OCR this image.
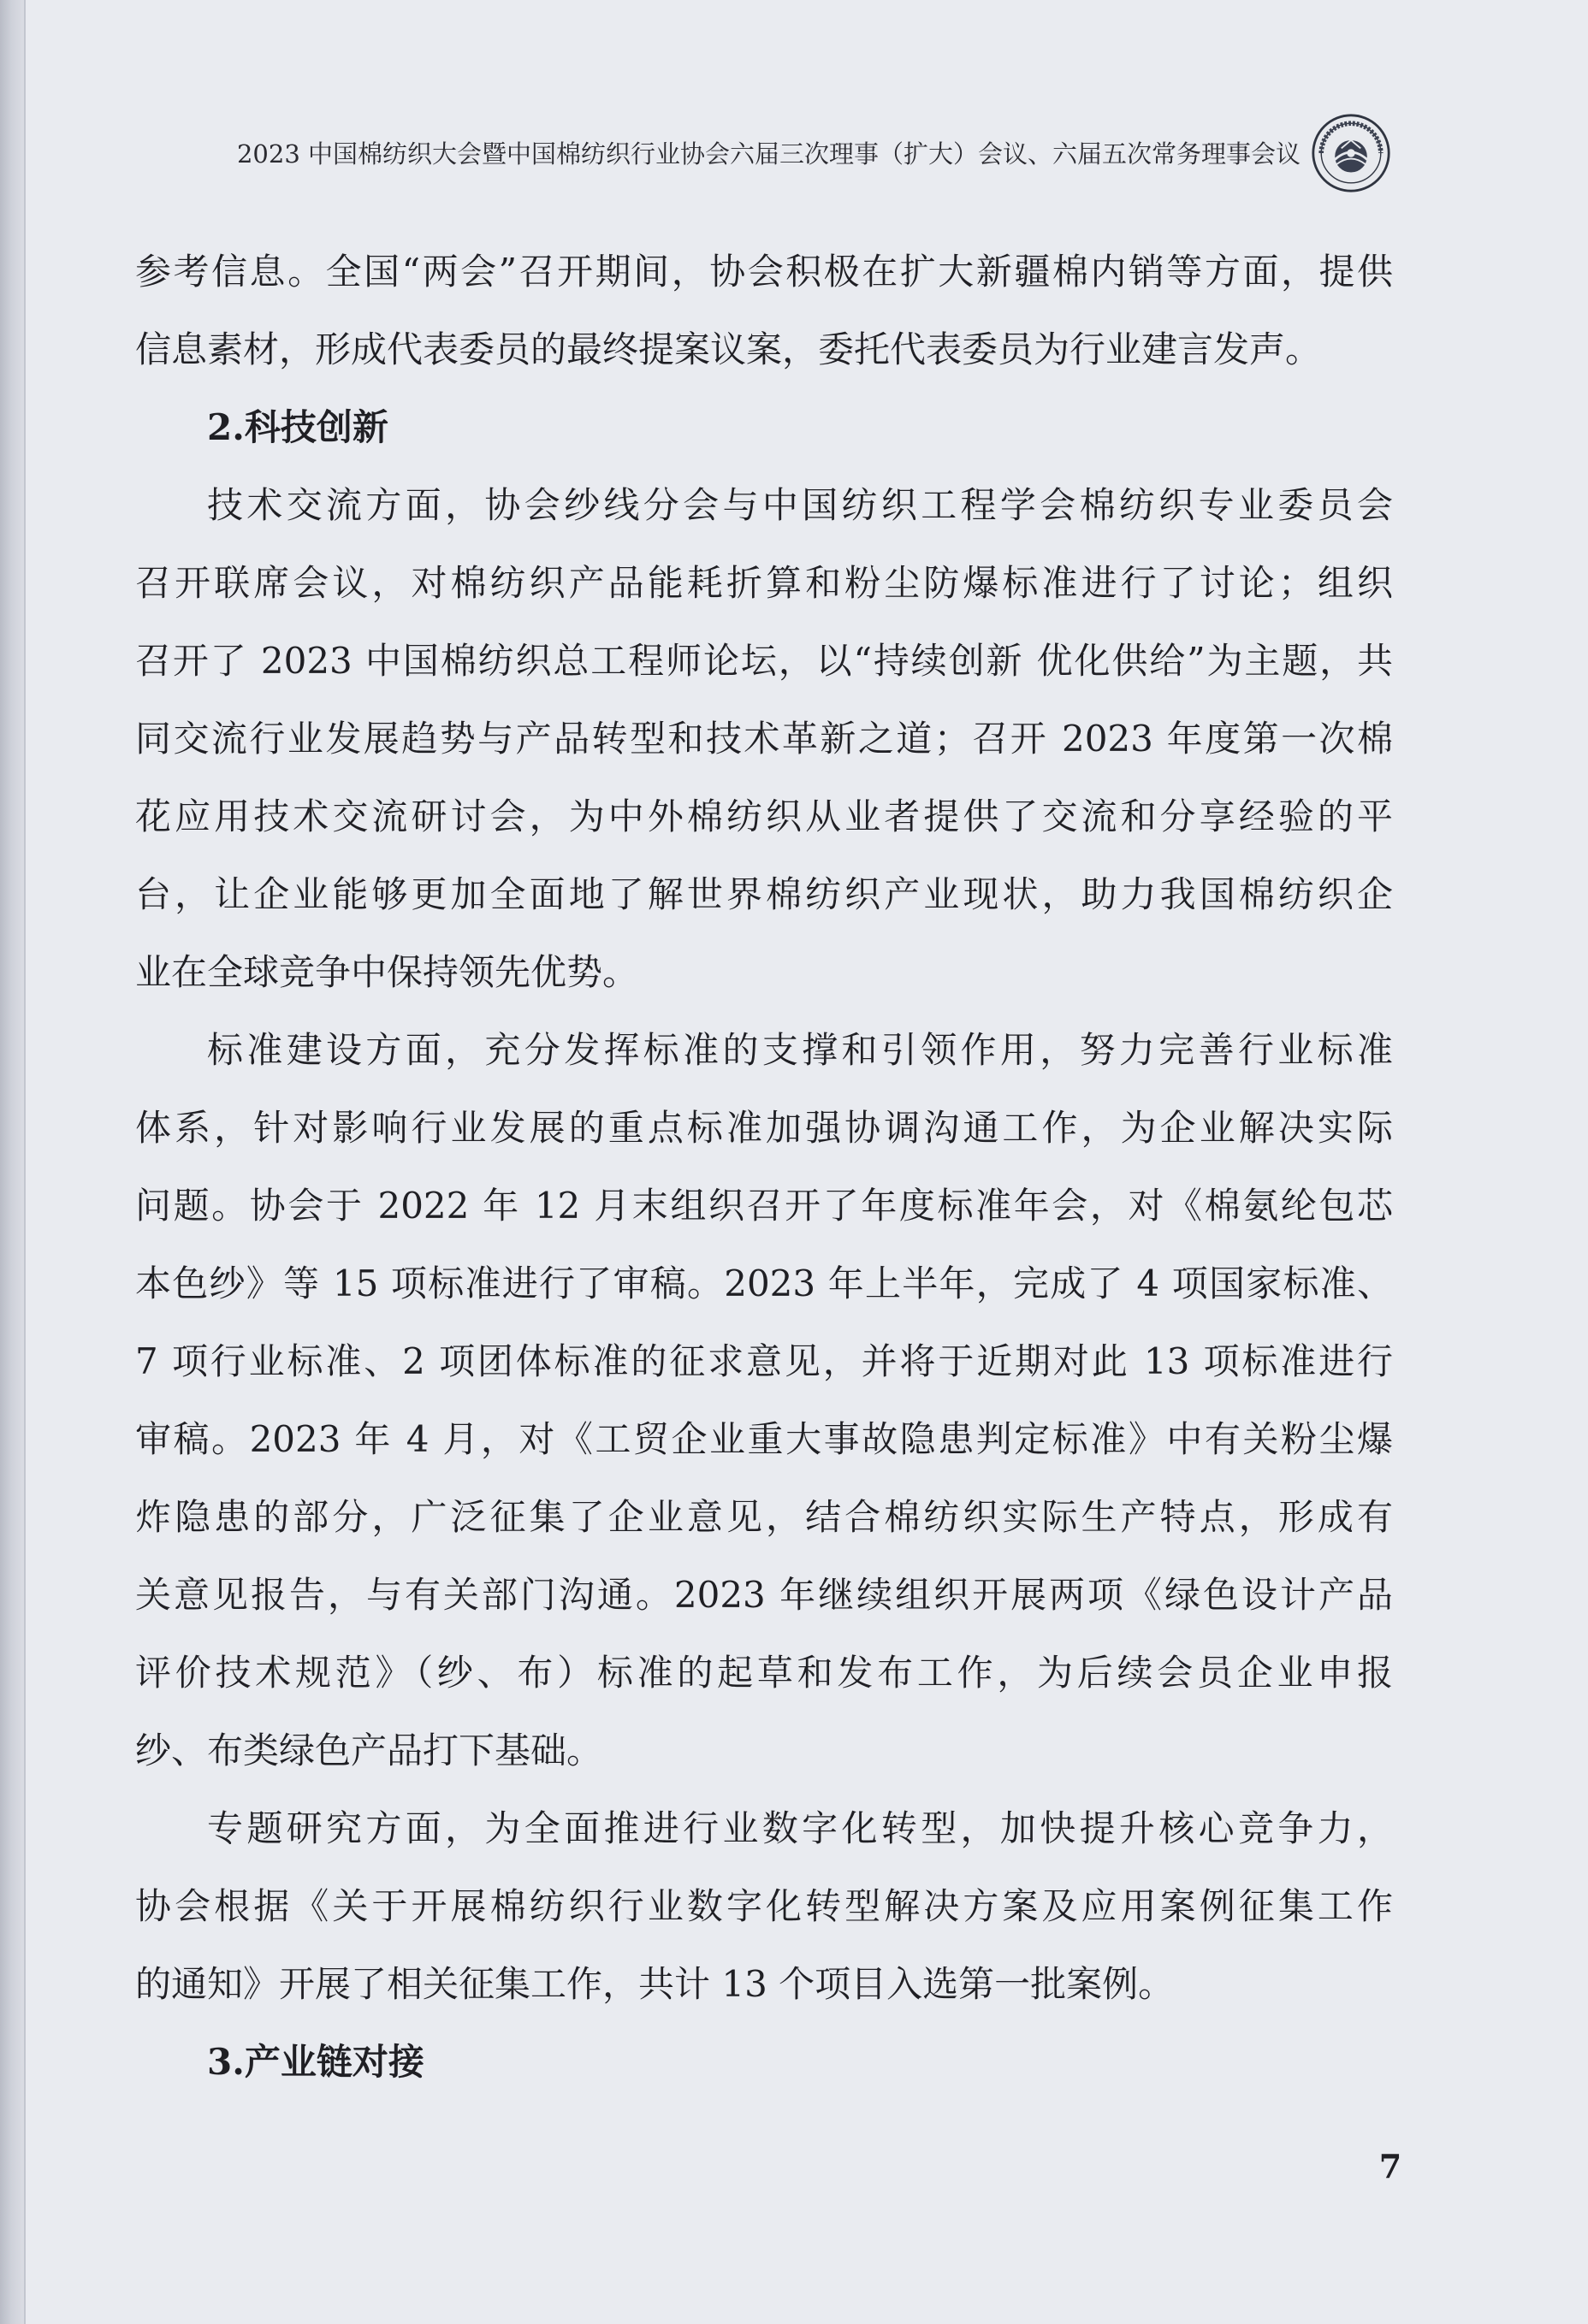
2023 中国棉纺织大会暨中国棉纺织行业协会六届三次理事（扩大）会议、六届五次常务理事会议
参考信息。全国“两会”召开期间，协会积极在扩大新疆棉内销等方面，提供
信息素材，形成代表委员的最终提案议案，委托代表委员为行业建言发声。
2.科技创新
技术交流方面，协会纱线分会与中国纺织工程学会棉纺织专业委员会
召开联席会议，对棉纺织产品能耗折算和粉尘防爆标准进行了讨论；组织
召开了 2023 中国棉纺织总工程师论坛，以“持续创新 优化供给”为主题，共
同交流行业发展趋势与产品转型和技术革新之道；召开 2023 年度第一次棉
花应用技术交流研讨会，为中外棉纺织从业者提供了交流和分享经验的平
台，让企业能够更加全面地了解世界棉纺织产业现状，助力我国棉纺织企
业在全球竞争中保持领先优势。
标准建设方面，充分发挥标准的支撑和引领作用，努力完善行业标准
体系，针对影响行业发展的重点标准加强协调沟通工作，为企业解决实际
问题。协会于 2022 年 12 月末组织召开了年度标准年会，对《棉氨纶包芯
本色纱》等 15 项标准进行了审稿。2023 年上半年，完成了 4 项国家标准、
7 项行业标准、2 项团体标准的征求意见，并将于近期对此 13 项标准进行
审稿。2023 年 4 月，对《工贸企业重大事故隐患判定标准》中有关粉尘爆
炸隐患的部分，广泛征集了企业意见，结合棉纺织实际生产特点，形成有
关意见报告，与有关部门沟通。2023 年继续组织开展两项《绿色设计产品
评价技术规范》（纱、布）标准的起草和发布工作，为后续会员企业申报
纱、布类绿色产品打下基础。
专题研究方面，为全面推进行业数字化转型，加快提升核心竞争力，
协会根据《关于开展棉纺织行业数字化转型解决方案及应用案例征集工作
的通知》开展了相关征集工作，共计 13 个项目入选第一批案例。
3.产业链对接
7
